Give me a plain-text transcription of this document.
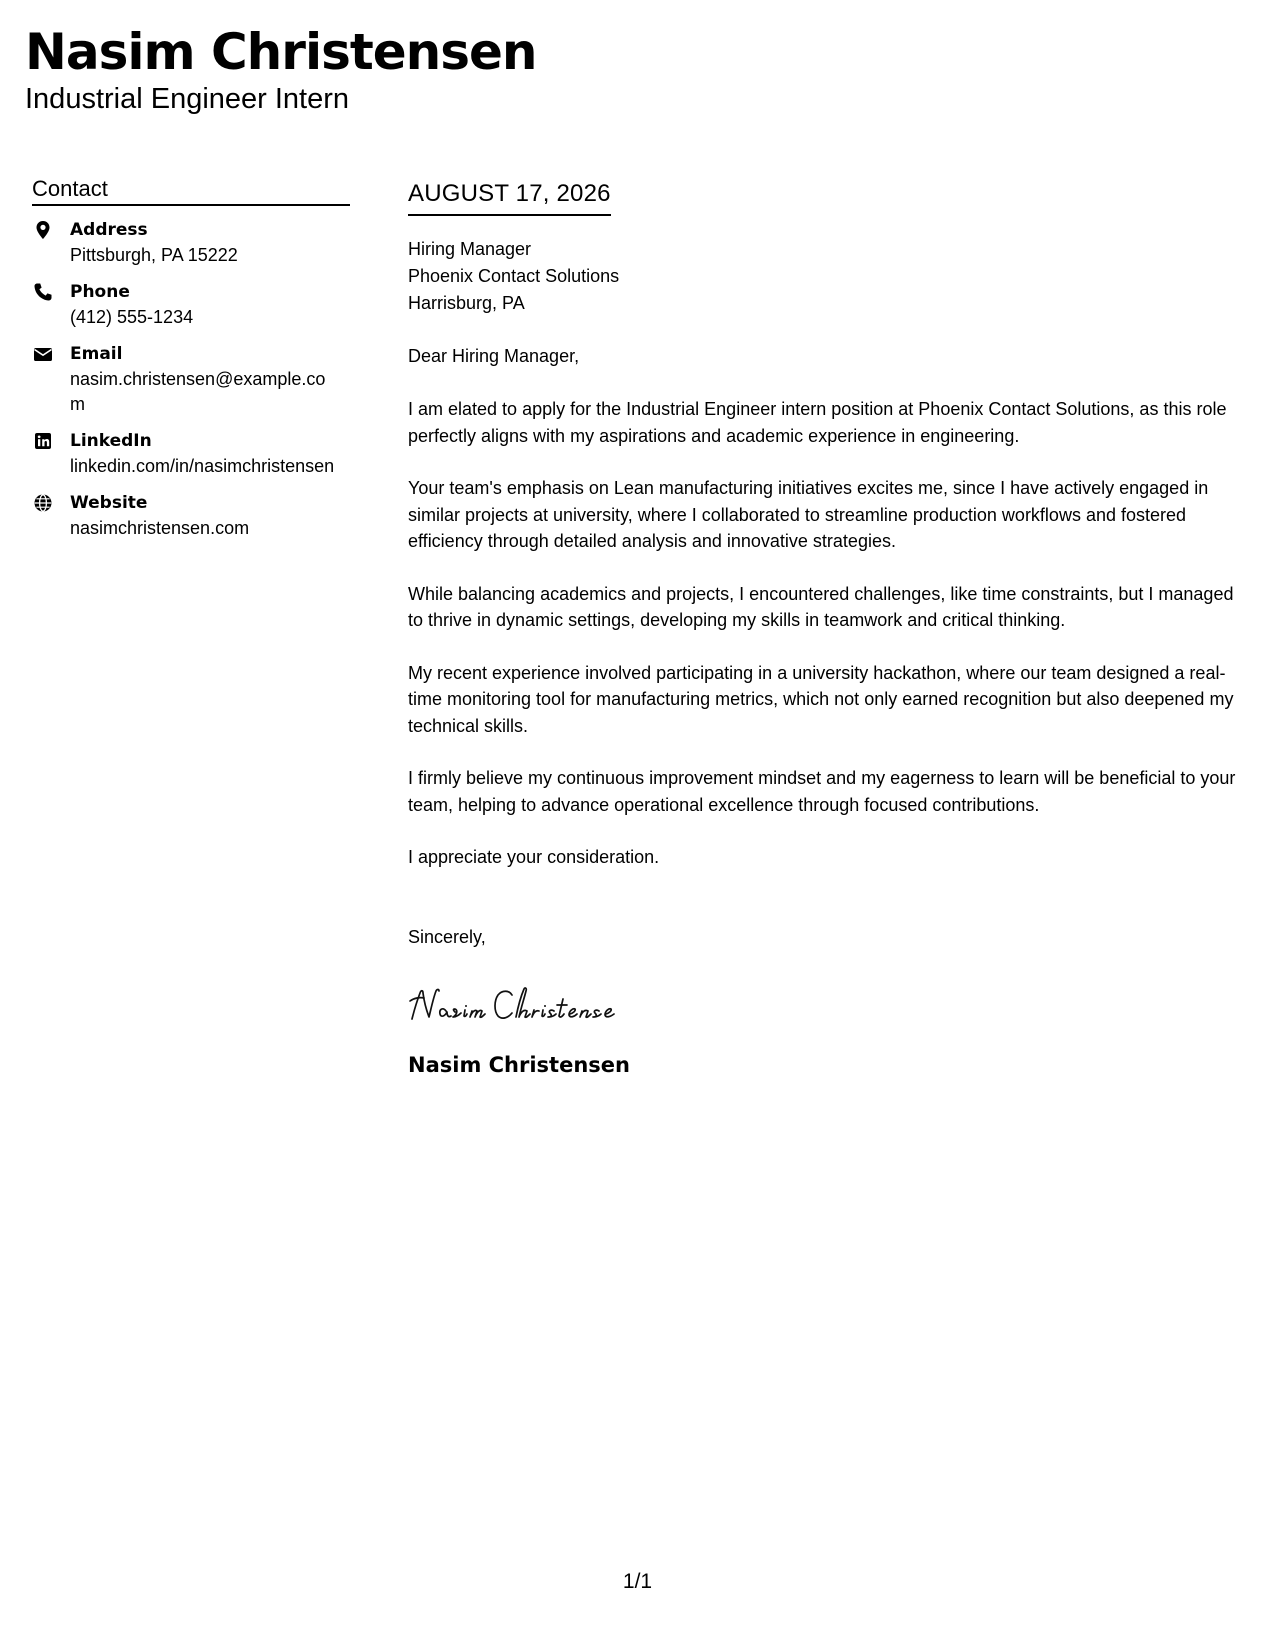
Nasim Christensen
Industrial Engineer Intern
Contact
Address
Pittsburgh, PA 15222
Phone
(412) 555-1234
Email
nasim.christensen@example.com
LinkedIn
linkedin.com/in/nasimchristensen
Website
nasimchristensen.com
AUGUST 17, 2026
Hiring Manager
Phoenix Contact Solutions
Harrisburg, PA
Dear Hiring Manager,
I am elated to apply for the Industrial Engineer intern position at Phoenix Contact Solutions, as this role perfectly aligns with my aspirations and academic experience in engineering.
Your team's emphasis on Lean manufacturing initiatives excites me, since I have actively engaged in similar projects at university, where I collaborated to streamline production workflows and fostered efficiency through detailed analysis and innovative strategies.
While balancing academics and projects, I encountered challenges, like time constraints, but I managed to thrive in dynamic settings, developing my skills in teamwork and critical thinking.
My recent experience involved participating in a university hackathon, where our team designed a real-time monitoring tool for manufacturing metrics, which not only earned recognition but also deepened my technical skills.
I firmly believe my continuous improvement mindset and my eagerness to learn will be beneficial to your team, helping to advance operational excellence through focused contributions.
I appreciate your consideration.
Sincerely,
Nasim Christensen
1/1
